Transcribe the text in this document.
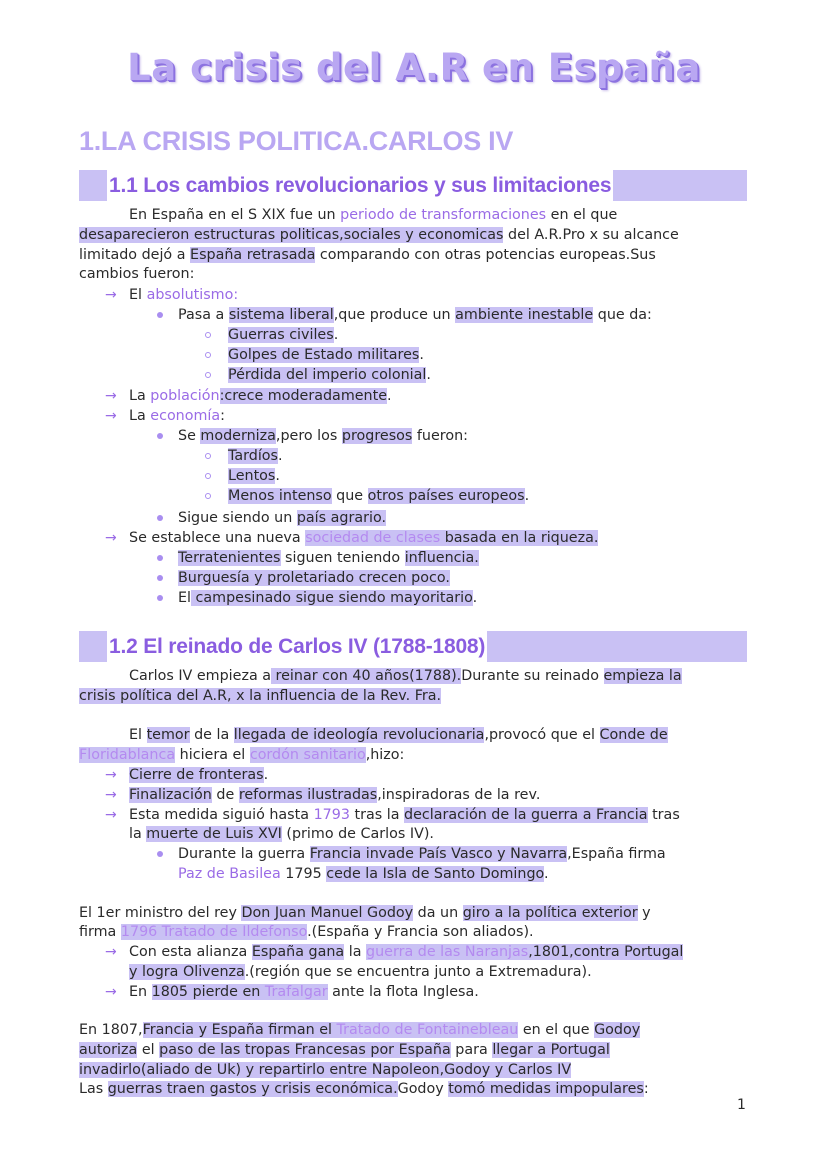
La crisis del A.R en España
1.LA CRISIS POLITICA.CARLOS IV
1.1 Los cambios revolucionarios y sus limitaciones
En España en el S XIX fue un periodo de transformaciones en el que
desaparecieron estructuras politicas,sociales y economicas del A.R.Pro x su alcance
limitado dejó a España retrasada comparando con otras potencias europeas.Sus
cambios fueron:
→ El absolutismo:
Pasa a sistema liberal,que produce un ambiente inestable que da:
Guerras civiles.
Golpes de Estado militares.
Pérdida del imperio colonial.
→ La población:crece moderadamente.
→ La economía:
Se moderniza,pero los progresos fueron:
Tardíos.
Lentos.
Menos intenso que otros países europeos.
Sigue siendo un país agrario.
→ Se establece una nueva sociedad de clases basada en la riqueza.
Terratenientes siguen teniendo influencia.
Burguesía y proletariado crecen poco.
El campesinado sigue siendo mayoritario.
1.2 El reinado de Carlos IV (1788-1808)
Carlos IV empieza a reinar con 40 años(1788).Durante su reinado empieza la
crisis política del A.R, x la influencia de la Rev. Fra.
El temor de la llegada de ideología revolucionaria,provocó que el Conde de
Floridablanca hiciera el cordón sanitario,hizo:
→ Cierre de fronteras.
→ Finalización de reformas ilustradas,inspiradoras de la rev.
→ Esta medida siguió hasta 1793 tras la declaración de la guerra a Francia tras
la muerte de Luis XVI (primo de Carlos IV).
Durante la guerra Francia invade País Vasco y Navarra,España firma
Paz de Basilea 1795 cede la Isla de Santo Domingo.
El 1er ministro del rey Don Juan Manuel Godoy da un giro a la política exterior y
firma 1796 Tratado de Ildefonso.(España y Francia son aliados).
→ Con esta alianza España gana la guerra de las Naranjas,1801,contra Portugal
y logra Olivenza.(región que se encuentra junto a Extremadura).
→ En 1805 pierde en Trafalgar ante la flota Inglesa.
En 1807,Francia y España firman el Tratado de Fontainebleau en el que Godoy
autoriza el paso de las tropas Francesas por España para llegar a Portugal
invadirlo(aliado de Uk) y repartirlo entre Napoleon,Godoy y Carlos IV
Las guerras traen gastos y crisis económica.Godoy tomó medidas impopulares:
1
